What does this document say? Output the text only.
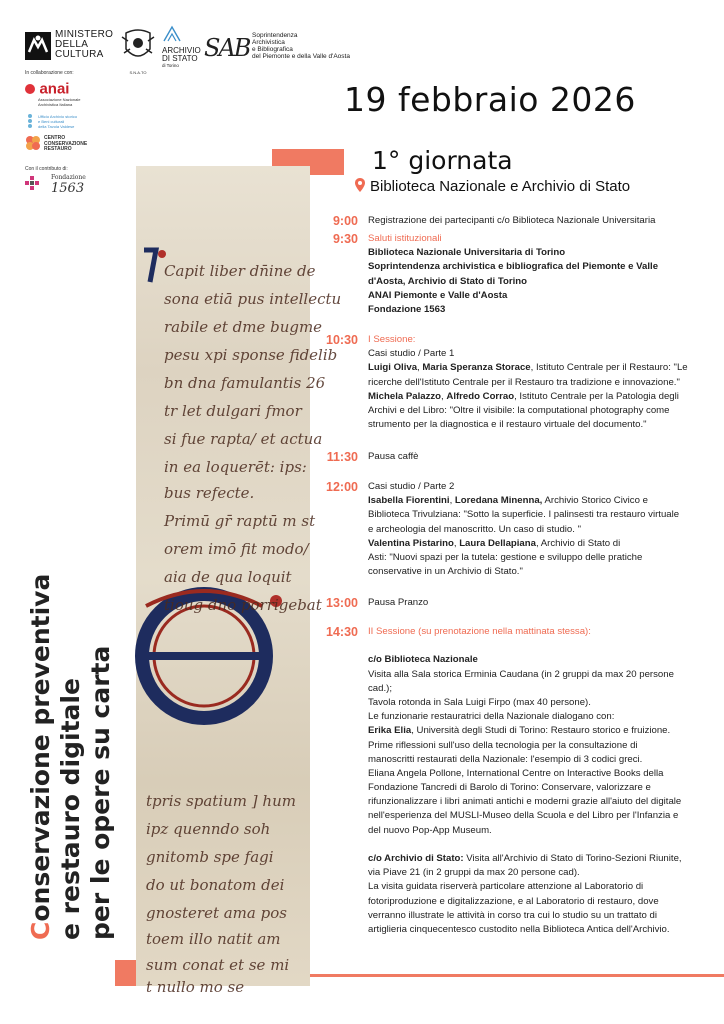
MINISTERO
DELLA
CULTURA
S.N.A.TO
ARCHIVIO
DI STATO
di Torino
SAB Soprintendenza
Archivistica
e Bibliografica
del Piemonte e della Valle d'Aosta
In collaborazione con:
anai
Associazione Nazionale
Archivistica Italiana
Ufficio Archivio storico
e Beni culturali
della Tavola Valdese
CENTRO
CONSERVAZIONE
RESTAURO
Con il contributo di:
Fondazione
1563
19 febbraio 2026
Capit liber dn̄ine de
sona etiā pus intellectu
rabile et dme bugme
pesu xpi sponse fidelib
bn dna famulantis 26
tr let dulgari fmor
si fue rapta/ et actua
in ea loquerēt: ips:
bus refecte.
Primū gr̄ raptū m st
orem imō fit modo/
aia de qua loquit
tioug dno porrigebat
tpris spatium ] hum
ipz quenndo soh
gnitomb spe fagi
do ut bonatom dei
gnosteret ama pos
toem illo natit am
sum conat et se mi
t nullo mo se
Conservazione preventiva e restauro digitale per le opere su carta
1° giornata
Biblioteca Nazionale e Archivio di Stato
9:00 Registrazione dei partecipanti c/o Biblioteca Nazionale Universitaria
9:30 Saluti istituzionali
Biblioteca Nazionale Universitaria di Torino
Soprintendenza archivistica e bibliografica del Piemonte e Valle
d'Aosta, Archivio di Stato di Torino
ANAI Piemonte e Valle d'Aosta
Fondazione 1563
10:30 I Sessione:
Casi studio / Parte 1
Luigi Oliva, Maria Speranza Storace, Istituto Centrale per il Restauro: "Le
ricerche dell'Istituto Centrale per il Restauro tra tradizione e innovazione."
Michela Palazzo, Alfredo Corrao, Istituto Centrale per la Patologia degli
Archivi e del Libro: "Oltre il visibile: la computational photography come
strumento per la diagnostica e il restauro virtuale del documento."
11:30 Pausa caffè
12:00 Casi studio / Parte 2
Isabella Fiorentini, Loredana Minenna, Archivio Storico Civico e
Biblioteca Trivulziana: "Sotto la superficie. I palinsesti tra restauro virtuale
e archeologia del manoscritto. Un caso di studio. "
Valentina Pistarino, Laura Dellapiana, Archivio di Stato di
Asti: "Nuovi spazi per la tutela: gestione e sviluppo delle pratiche
conservative in un Archivio di Stato."
13:00 Pausa Pranzo
14:30 II Sessione (su prenotazione nella mattinata stessa):
c/o Biblioteca Nazionale
Visita alla Sala storica Erminia Caudana (in 2 gruppi da max 20 persone
cad.);
Tavola rotonda in Sala Luigi Firpo (max 40 persone).
Le funzionarie restauratrici della Nazionale dialogano con:
Erika Elia, Università degli Studi di Torino: Restauro storico e fruizione.
Prime riflessioni sull'uso della tecnologia per la consultazione di
manoscritti restaurati della Nazionale: l'esempio di 3 codici greci.
Eliana Angela Pollone, International Centre on Interactive Books della
Fondazione Tancredi di Barolo di Torino: Conservare, valorizzare e
rifunzionalizzare i libri animati antichi e moderni grazie all'aiuto del digitale
nell'esperienza del MUSLI-Museo della Scuola e del Libro per l'Infanzia e
del nuovo Pop-App Museum.
c/o Archivio di Stato: Visita all'Archivio di Stato di Torino-Sezioni Riunite,
via Piave 21 (in 2 gruppi da max 20 persone cad).
La visita guidata riserverà particolare attenzione al Laboratorio di
fotoriproduzione e digitalizzazione, e al Laboratorio di restauro, dove
verranno illustrate le attività in corso tra cui lo studio su un trattato di
artiglieria cinquecentesco custodito nella Biblioteca Antica dell'Archivio.
